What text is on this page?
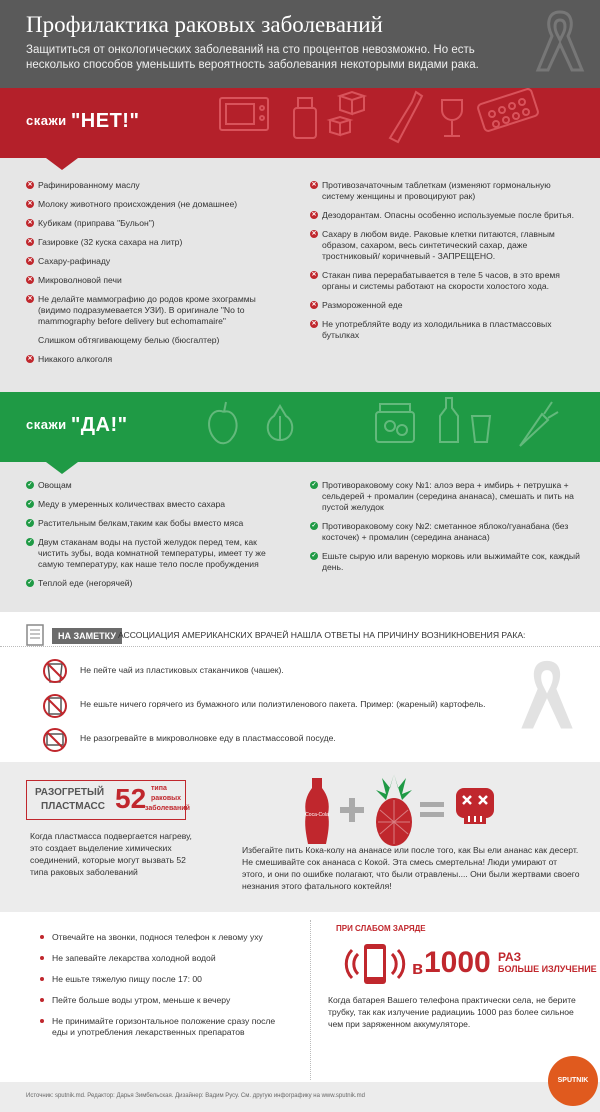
Профилактика раковых заболеваний

Защититься от онкологических заболеваний на сто процентов невозможно. Но есть несколько способов уменьшить вероятность заболевания некоторыми видами рака.

скажи "НЕТ!"
✕ Рафинированному маслу
✕ Молоку животного происхождения (не домашнее)
✕ Кубикам (приправа "Бульон")
✕ Газировке (32 куска сахара на литр)
✕ Сахару-рафинаду
✕ Микроволновой печи
✕ Не делайте маммографию до родов кроме эхограммы (видимо подразумевается УЗИ). В оригинале "No to mammography before delivery but echomamaire"
Слишком обтягивающему белью (бюсгалтер)
✕ Никакого алкоголя
✕ Противозачаточным таблеткам (изменяют гормональную систему женщины и провоцируют рак)
✕ Дезодорантам. Опасны особенно используемые после бритья.
✕ Сахару в любом виде. Раковые клетки питаются, главным образом, сахаром, весь синтетический сахар, даже тростниковый/ коричневый - ЗАПРЕЩЕНО.
✕ Стакан пива перерабатывается в теле 5 часов, в это время органы и системы работают на скорости холостого хода.
✕ Размороженной еде
✕ Не употребляйте воду из холодильника в пластмассовых бутылках
скажи "ДА!"
✓ Овощам
✓ Меду в умеренных количествах вместо сахара
✓ Растительным белкам,таким как бобы вместо мяса
✓ Двум стаканам воды на пустой желудок перед тем, как чистить зубы, вода комнатной температуры, имеет ту же самую температуру, как наше тело после пробуждения
✓ Теплой еде (негорячей)
✓ Противораковому соку №1: алоэ вера + имбирь + петрушка + сельдерей + промалин (середина ананаса), смешать и пить на пустой желудок
✓ Противораковому соку №2: сметанное яблоко/гуанабана (без косточек) + промалин (середина ананаса)
✓ Ешьте сырую или вареную морковь или выжимайте сок, каждый день.
НА ЗАМЕТКУ АССОЦИАЦИЯ АМЕРИКАНСКИХ ВРАЧЕЙ НАШЛА ОТВЕТЫ НА ПРИЧИНУ ВОЗНИКНОВЕНИЯ РАКА:
Не пейте чай из пластиковых стаканчиков (чашек).
Не ешьте ничего горячего из бумажного или полиэтиленового пакета. Пример: (жареный) картофель.
Не разогревайте в микроволновке еду в пластмассовой посуде.
РАЗОГРЕТЫЙ
ПЛАСТМАСС 52 типа
раковых
заболеваний

Когда пластмасса подвергается нагреву, это создает выделение химических соединений, которые могут вызвать 52 типа раковых заболеваний

Coca-Cola

Избегайте пить Кока-колу на ананасе или после того, как Вы ели ананас как десерт. Не смешивайте сок ананаса с Кокой. Эта смесь смертельна! Люди умирают от этого, и они по ошибке полагают, что были отравлены.... Они были жертвами своего незнания этого фатального коктейля!

Отвечайте на звонки, поднося телефон к левому уху
Не запевайте лекарства холодной водой
Не ешьте тяжелую пищу после 17: 00
Пейте больше воды утром, меньше к вечеру
Не принимайте горизонтальное положение сразу после еды и употребления лекарственных препаратов
ПРИ СЛАБОМ ЗАРЯДЕ
в 1000 РАЗ
БОЛЬШЕ ИЗЛУЧЕНИЕ

Когда батарея Вашего телефона практически села, не берите трубку, так как излучение радиацииь 1000 раз более сильное чем при заряженном аккумуляторе.

Источник: sputnik.md. Редактор: Дарья Зимбельская. Дизайнер: Вадим Русу. См. другую инфографику на www.sputnik.md
SPUTNIK
